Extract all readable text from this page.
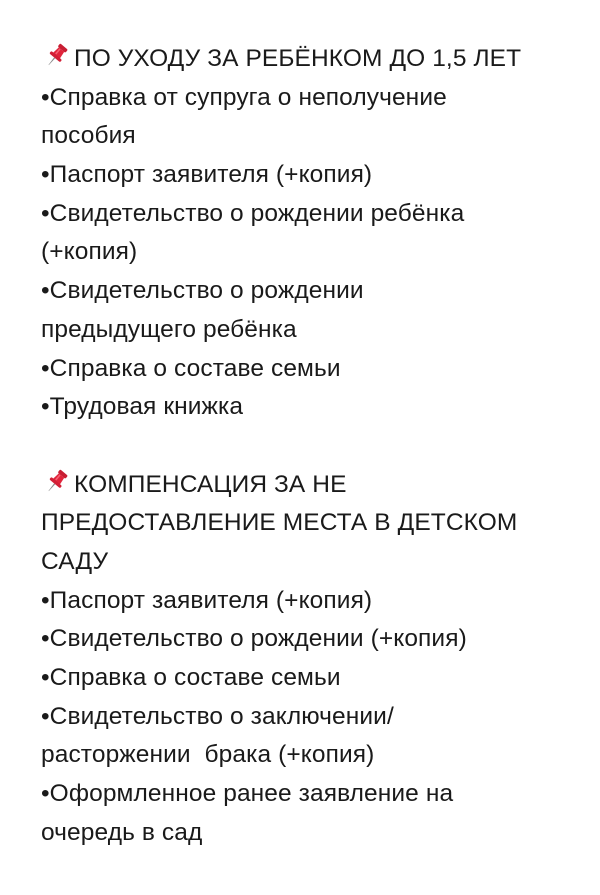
ПО УХОДУ ЗА РЕБЁНКОМ ДО 1,5 ЛЕТ
•Справка от супруга о неполучение
пособия
•Паспорт заявителя (+копия)
•Свидетельство о рождении ребёнка
(+копия)
•Свидетельство о рождении
предыдущего ребёнка
•Справка о составе семьи
•Трудовая книжка
КОМПЕНСАЦИЯ ЗА НЕ
ПРЕДОСТАВЛЕНИЕ МЕСТА В ДЕТСКОМ
САДУ
•Паспорт заявителя (+копия)
•Свидетельство о рождении (+копия)
•Справка о составе семьи
•Свидетельство о заключении/
расторжении  брака (+копия)
•Оформленное ранее заявление на
очередь в сад
